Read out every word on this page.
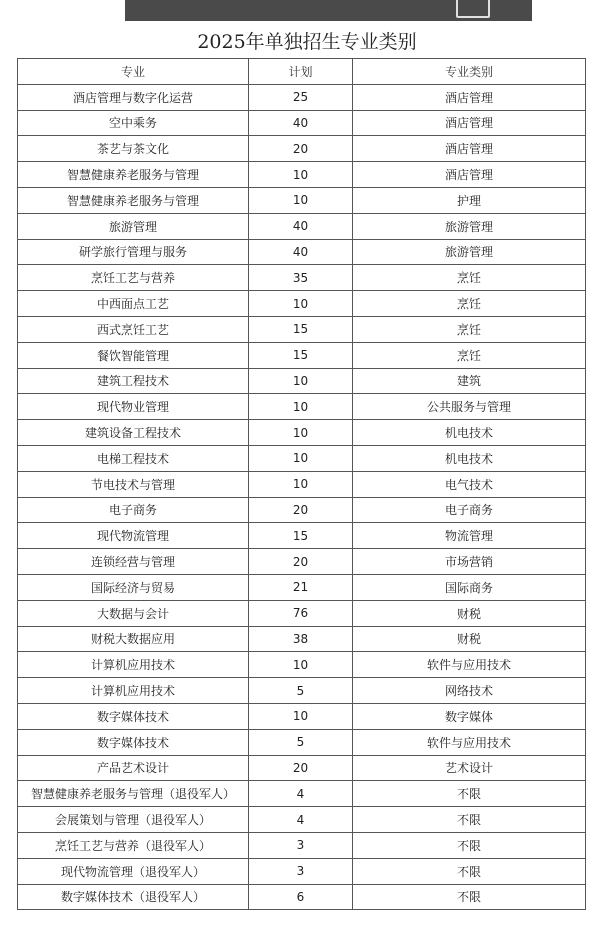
2025年单独招生专业类别
专业	计划	专业类别
酒店管理与数字化运营	25	酒店管理
空中乘务	40	酒店管理
茶艺与茶文化	20	酒店管理
智慧健康养老服务与管理	10	酒店管理
智慧健康养老服务与管理	10	护理
旅游管理	40	旅游管理
研学旅行管理与服务	40	旅游管理
烹饪工艺与营养	35	烹饪
中西面点工艺	10	烹饪
西式烹饪工艺	15	烹饪
餐饮智能管理	15	烹饪
建筑工程技术	10	建筑
现代物业管理	10	公共服务与管理
建筑设备工程技术	10	机电技术
电梯工程技术	10	机电技术
节电技术与管理	10	电气技术
电子商务	20	电子商务
现代物流管理	15	物流管理
连锁经营与管理	20	市场营销
国际经济与贸易	21	国际商务
大数据与会计	76	财税
财税大数据应用	38	财税
计算机应用技术	10	软件与应用技术
计算机应用技术	5	网络技术
数字媒体技术	10	数字媒体
数字媒体技术	5	软件与应用技术
产品艺术设计	20	艺术设计
智慧健康养老服务与管理（退役军人）	4	不限
会展策划与管理（退役军人）	4	不限
烹饪工艺与营养（退役军人）	3	不限
现代物流管理（退役军人）	3	不限
数字媒体技术（退役军人）	6	不限
